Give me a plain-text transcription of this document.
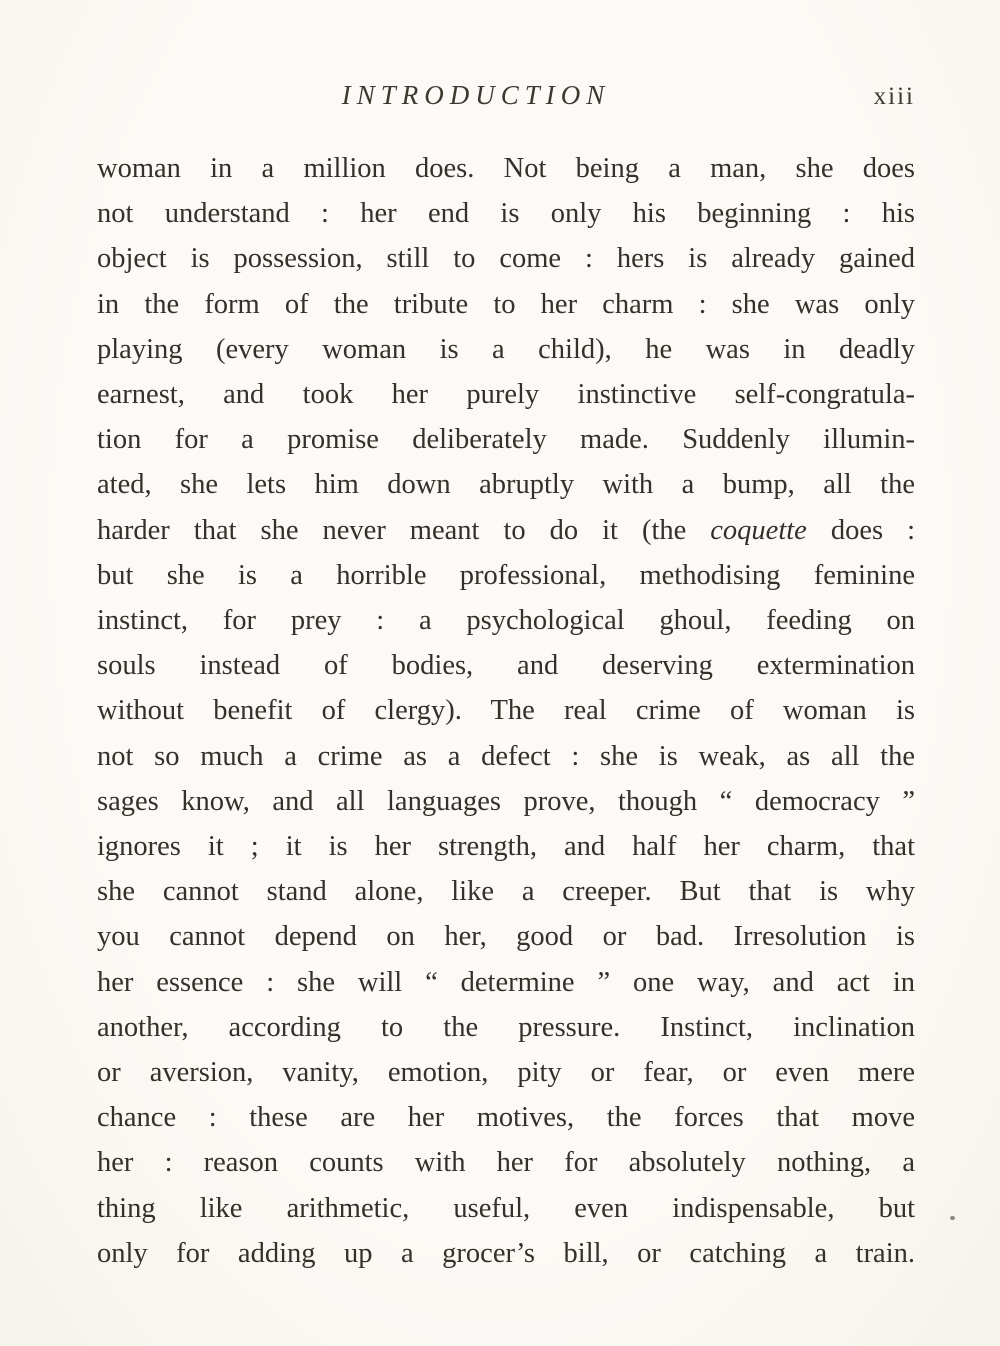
INTRODUCTION	xiii
woman in a million does. Not being a man, she does
not understand : her end is only his beginning : his
object is possession, still to come : hers is already gained
in the form of the tribute to her charm : she was only
playing (every woman is a child), he was in deadly
earnest, and took her purely instinctive self-congratula-
tion for a promise deliberately made. Suddenly illumin-
ated, she lets him down abruptly with a bump, all the
harder that she never meant to do it (the coquette does :
but she is a horrible professional, methodising feminine
instinct, for prey : a psychological ghoul, feeding on
souls instead of bodies, and deserving extermination
without benefit of clergy). The real crime of woman is
not so much a crime as a defect : she is weak, as all the
sages know, and all languages prove, though “ democracy ”
ignores it ; it is her strength, and half her charm, that
she cannot stand alone, like a creeper. But that is why
you cannot depend on her, good or bad. Irresolution is
her essence : she will “ determine ” one way, and act in
another, according to the pressure. Instinct, inclination
or aversion, vanity, emotion, pity or fear, or even mere
chance : these are her motives, the forces that move
her : reason counts with her for absolutely nothing, a
thing like arithmetic, useful, even indispensable, but
only for adding up a grocer’s bill, or catching a train.
